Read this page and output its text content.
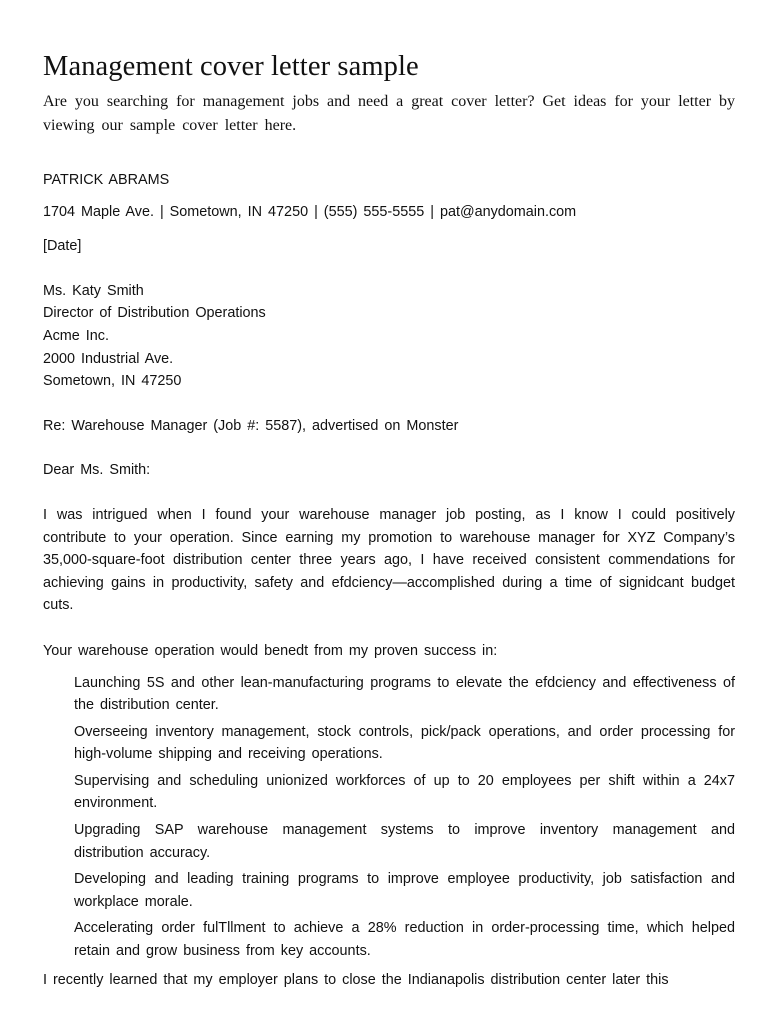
Management cover letter sample

Are you searching for management jobs and need a great cover letter? Get ideas for your letter by viewing our sample cover letter here.

PATRICK ABRAMS

1704 Maple Ave. | Sometown, IN 47250 | (555) 555-5555 | pat@anydomain.com

[Date]

Ms. Katy Smith

Director of Distribution Operations

Acme Inc.

2000 Industrial Ave.

Sometown, IN 47250

Re: Warehouse Manager (Job #: 5587), advertised on Monster

Dear Ms. Smith:

I was intrigued when I found your warehouse manager job posting, as I know I could positively contribute to your operation. Since earning my promotion to warehouse manager for XYZ Company’s 35,000-square-foot distribution center three years ago, I have received consistent commendations for achieving gains in productivity, safety and efdciency—accomplished during a time of signidcant budget cuts.

Your warehouse operation would benedt from my proven success in:

Launching 5S and other lean-manufacturing programs to elevate the efdciency and effectiveness of the distribution center.
Overseeing inventory management, stock controls, pick/pack operations, and order processing for high-volume shipping and receiving operations.
Supervising and scheduling unionized workforces of up to 20 employees per shift within a 24x7 environment.
Upgrading SAP warehouse management systems to improve inventory management and distribution accuracy.
Developing and leading training programs to improve employee productivity, job satisfaction and workplace morale.
Accelerating order fulTllment to achieve a 28% reduction in order-processing time, which helped retain and grow business from key accounts.

I recently learned that my employer plans to close the Indianapolis distribution center later this
